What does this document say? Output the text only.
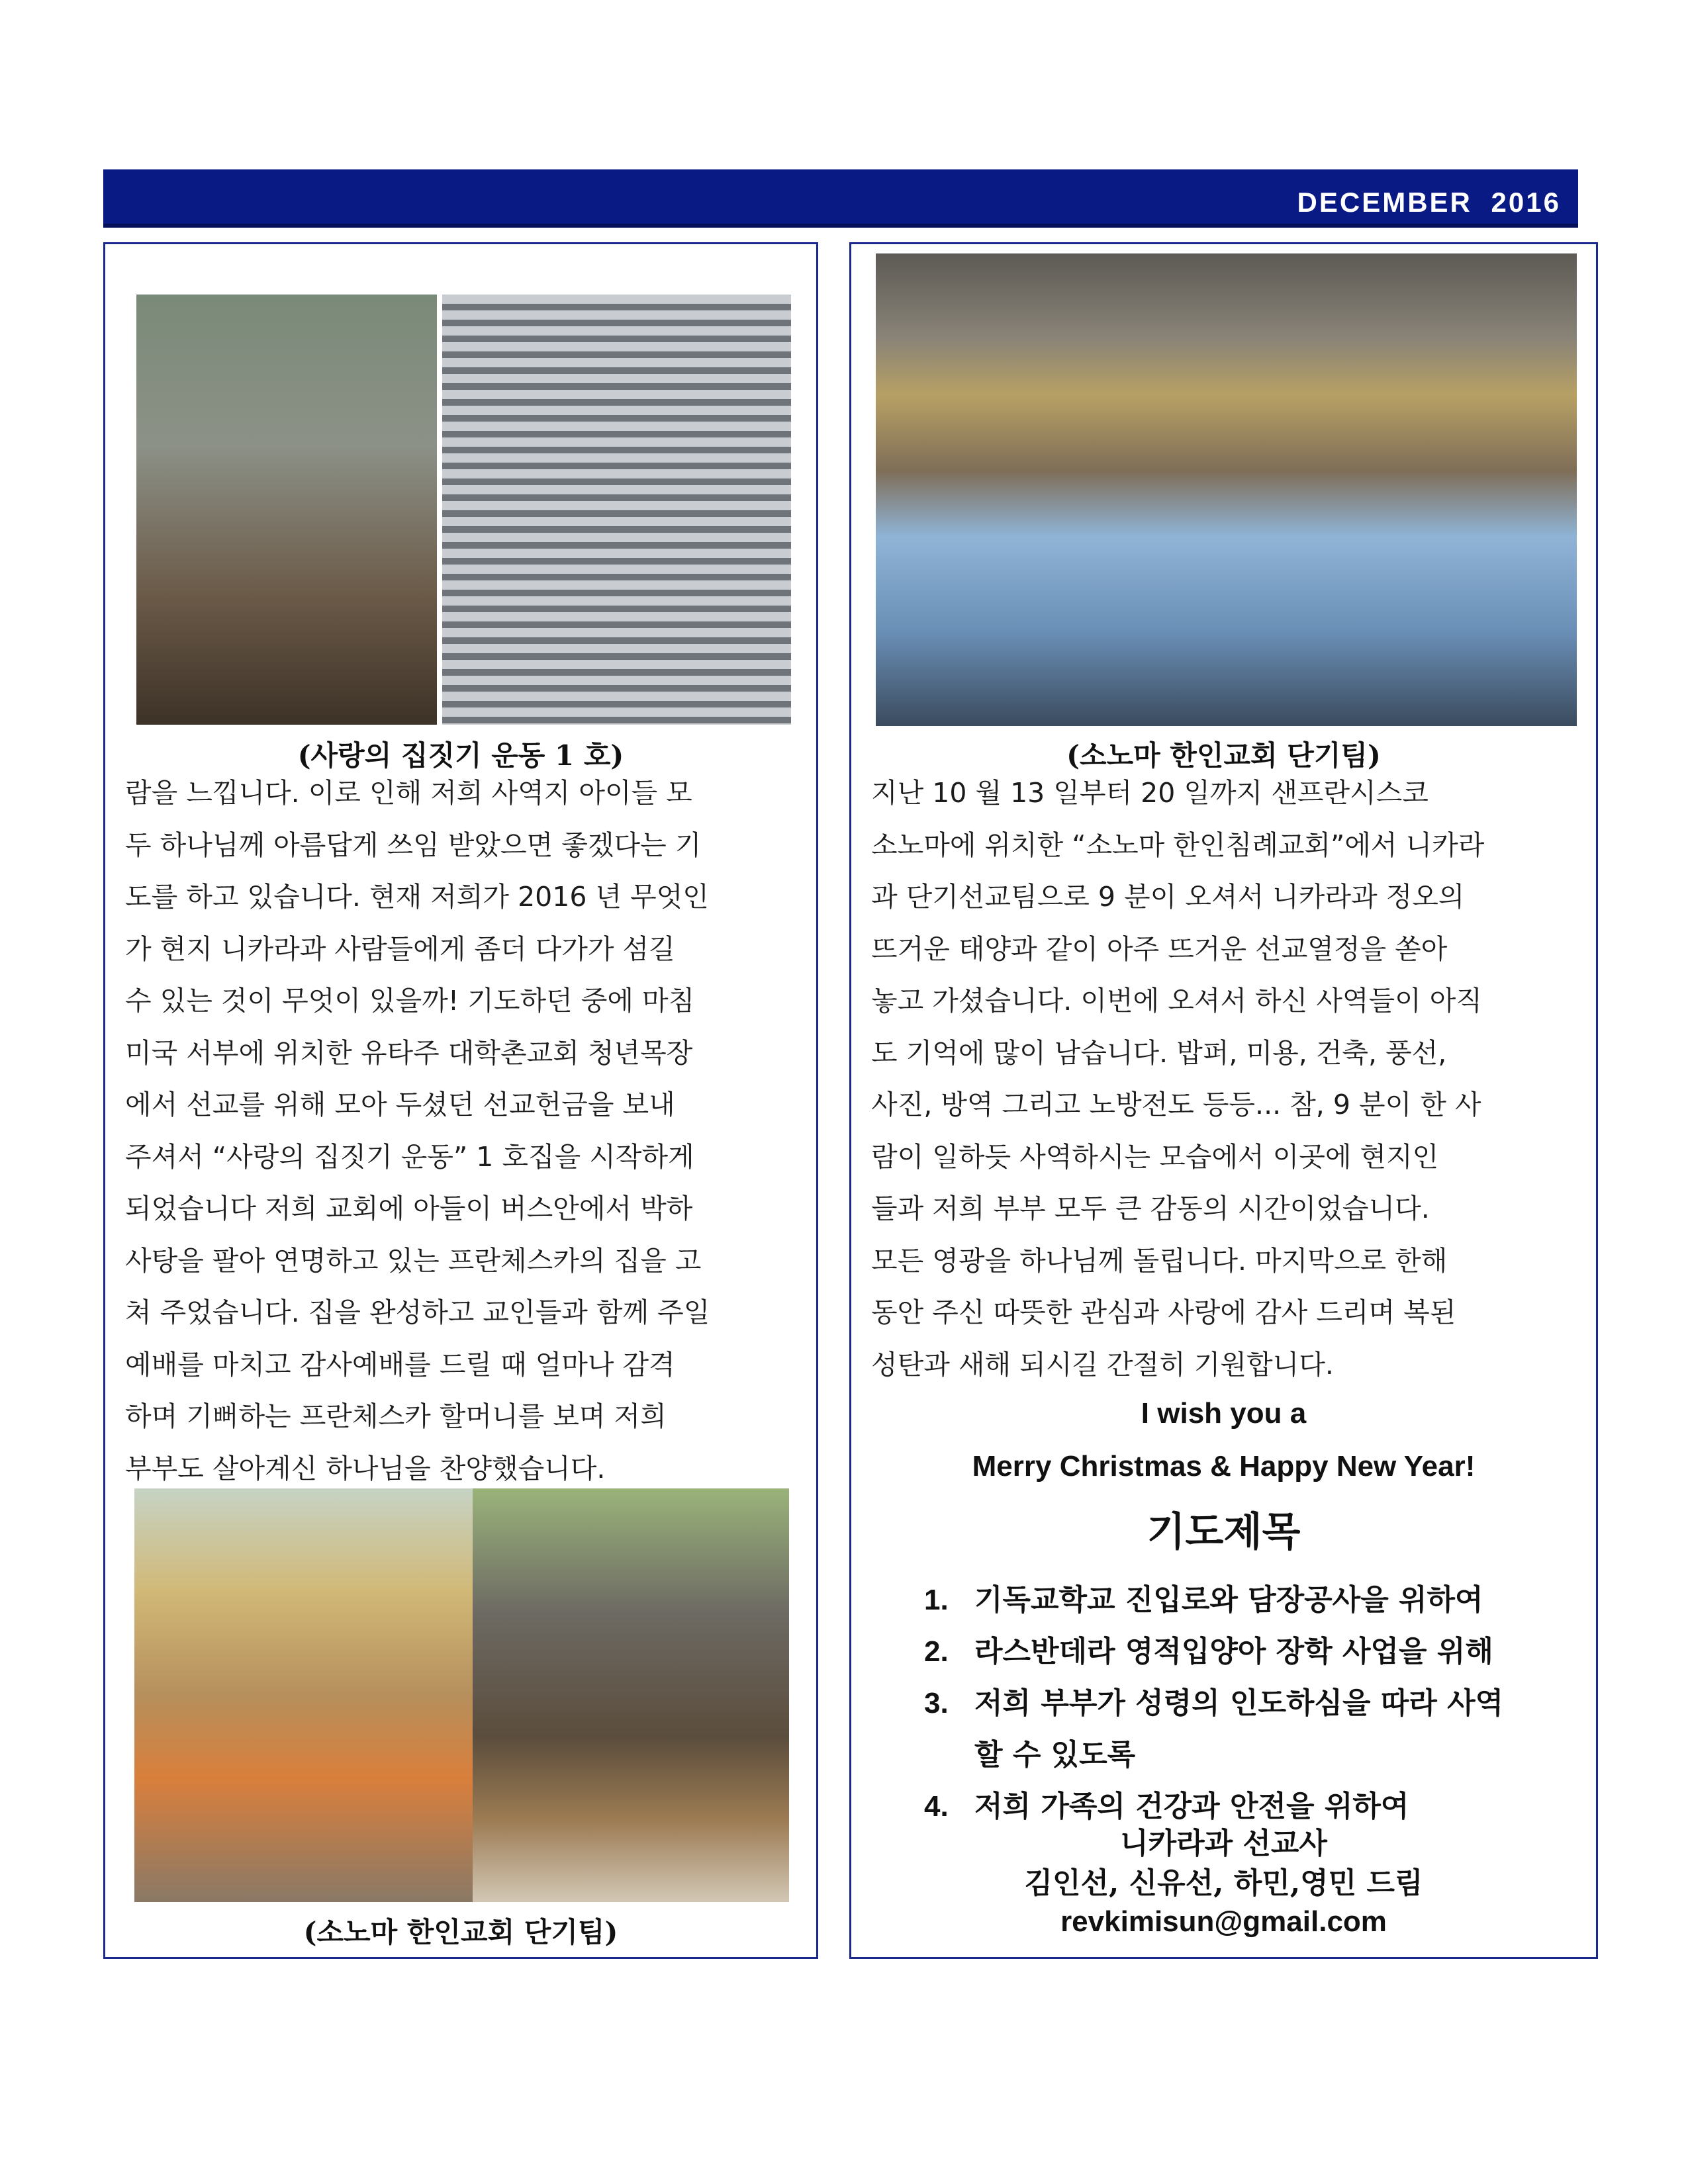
DECEMBER 2016
(사랑의 집짓기 운동 1 호)
람을 느낍니다. 이로 인해 저희 사역지 아이들 모
두 하나님께 아름답게 쓰임 받았으면 좋겠다는 기
도를 하고 있습니다. 현재 저희가 2016 년 무엇인
가 현지 니카라과 사람들에게 좀더 다가가 섬길
수 있는 것이 무엇이 있을까! 기도하던 중에 마침
미국 서부에 위치한 유타주 대학촌교회 청년목장
에서 선교를 위해 모아 두셨던 선교헌금을 보내
주셔서 “사랑의 집짓기 운동” 1 호집을 시작하게
되었습니다 저희 교회에 아들이 버스안에서 박하
사탕을 팔아 연명하고 있는 프란체스카의 집을 고
쳐 주었습니다. 집을 완성하고 교인들과 함께 주일
예배를 마치고 감사예배를 드릴 때 얼마나 감격
하며 기뻐하는 프란체스카 할머니를 보며 저희
부부도 살아계신 하나님을 찬양했습니다.
(소노마 한인교회 단기팀)
(소노마 한인교회 단기팀)
지난 10 월 13 일부터 20 일까지 샌프란시스코
소노마에 위치한 “소노마 한인침례교회”에서 니카라
과 단기선교팀으로 9 분이 오셔서 니카라과 정오의
뜨거운 태양과 같이 아주 뜨거운 선교열정을 쏟아
놓고 가셨습니다. 이번에 오셔서 하신 사역들이 아직
도 기억에 많이 남습니다. 밥퍼, 미용, 건축, 풍선,
사진, 방역 그리고 노방전도 등등... 참, 9 분이 한 사
람이 일하듯 사역하시는 모습에서 이곳에 현지인
들과 저희 부부 모두 큰 감동의 시간이었습니다.
모든 영광을 하나님께 돌립니다. 마지막으로 한해
동안 주신 따뜻한 관심과 사랑에 감사 드리며 복된
성탄과 새해 되시길 간절히 기원합니다.
I wish you a
Merry Christmas & Happy New Year!
기도제목
1. 기독교학교 진입로와 담장공사을 위하여
2. 라스반데라 영적입양아 장학 사업을 위해
3. 저희 부부가 성령의 인도하심을 따라 사역
할 수 있도록
4. 저희 가족의 건강과 안전을 위하여
니카라과 선교사
김인선, 신유선, 하민,영민 드림
revkimisun@gmail.com
